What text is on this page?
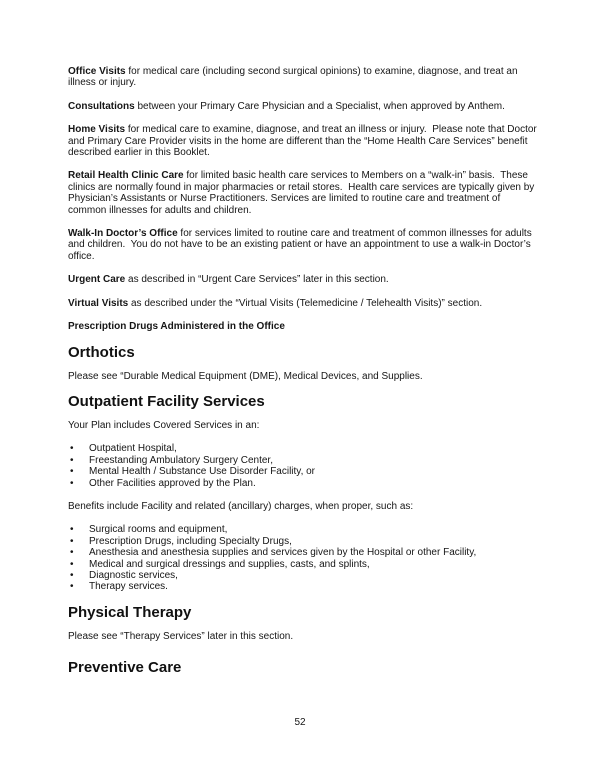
Office Visits for medical care (including second surgical opinions) to examine, diagnose, and treat an illness or injury.

Consultations between your Primary Care Physician and a Specialist, when approved by Anthem.

Home Visits for medical care to examine, diagnose, and treat an illness or injury.  Please note that Doctor and Primary Care Provider visits in the home are different than the “Home Health Care Services” benefit described earlier in this Booklet.

Retail Health Clinic Care for limited basic health care services to Members on a “walk-in” basis.  These clinics are normally found in major pharmacies or retail stores.  Health care services are typically given by Physician’s Assistants or Nurse Practitioners. Services are limited to routine care and treatment of common illnesses for adults and children.

Walk-In Doctor’s Office for services limited to routine care and treatment of common illnesses for adults and children.  You do not have to be an existing patient or have an appointment to use a walk-in Doctor’s office.

Urgent Care as described in “Urgent Care Services” later in this section.

Virtual Visits as described under the “Virtual Visits (Telemedicine / Telehealth Visits)” section.

Prescription Drugs Administered in the Office

Orthotics

Please see “Durable Medical Equipment (DME), Medical Devices, and Supplies.

Outpatient Facility Services

Your Plan includes Covered Services in an:

• Outpatient Hospital,
• Freestanding Ambulatory Surgery Center,
• Mental Health / Substance Use Disorder Facility, or
• Other Facilities approved by the Plan.

Benefits include Facility and related (ancillary) charges, when proper, such as:

• Surgical rooms and equipment,
• Prescription Drugs, including Specialty Drugs,
• Anesthesia and anesthesia supplies and services given by the Hospital or other Facility,
• Medical and surgical dressings and supplies, casts, and splints,
• Diagnostic services,
• Therapy services.
Physical Therapy

Please see “Therapy Services” later in this section.

Preventive Care
52
